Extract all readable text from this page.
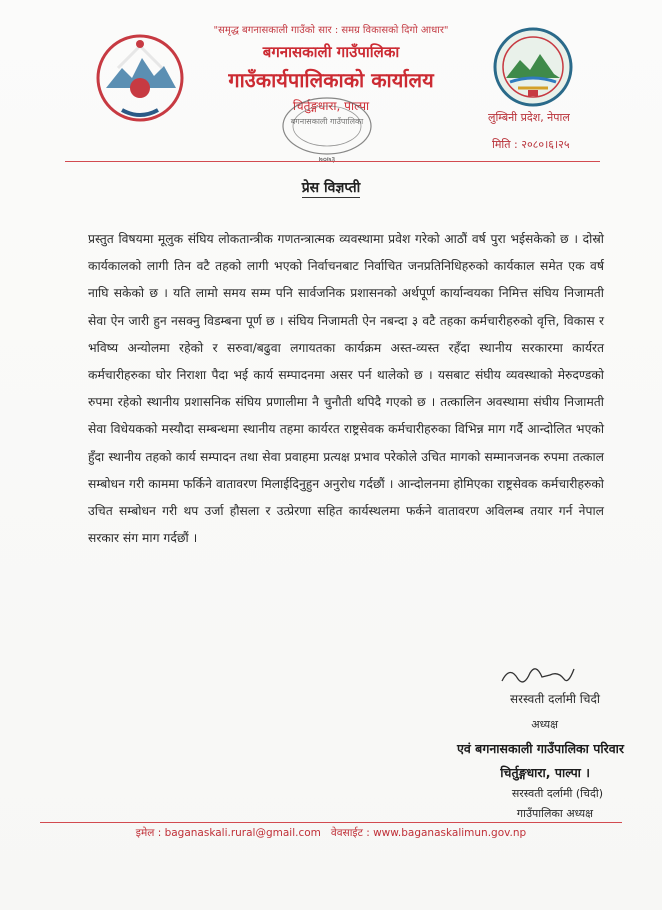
"समृद्ध बगनासकाली गाउँको सार : समग्र विकासको दिगो आधार"
बगनासकाली गाउँपालिका
गाउँकार्यपालिकाको कार्यालय
चिर्तुङ्गधारा, पाल्पा
लुम्बिनी प्रदेश, नेपाल
मिति : २०८०।६।२५
बगनासकाली गाउँपालिका
७०७३
प्रेस विज्ञप्ती
प्रस्तुत विषयमा मूलुक संघिय लोकतान्त्रीक गणतन्त्रात्मक व्यवस्थामा प्रवेश गरेको आठौं वर्ष पुरा भईसकेको छ । दोस्रो कार्यकालको लागी तिन वटै तहको लागी भएको निर्वाचनबाट निर्वाचित जनप्रतिनिधिहरुको कार्यकाल समेत एक वर्ष नाघि सकेको छ । यति लामो समय सम्म पनि सार्वजनिक प्रशासनको अर्थपूर्ण कार्यान्वयका निमित्त संघिय निजामती सेवा ऐन जारी हुन नसक्नु विडम्बना पूर्ण छ । संघिय निजामती ऐन नबन्दा ३ वटै तहका कर्मचारीहरुको वृत्ति, विकास र भविष्य अन्योलमा रहेको र सरुवा/बढुवा लगायतका कार्यक्रम अस्त-व्यस्त रहँदा स्थानीय सरकारमा कार्यरत कर्मचारीहरुका घोर निराशा पैदा भई कार्य सम्पादनमा असर पर्न थालेको छ । यसबाट संघीय व्यवस्थाको मेरुदण्डको रुपमा रहेको स्थानीय प्रशासनिक संघिय प्रणालीमा नै चुनौती थपिदै गएको छ । तत्कालिन अवस्थामा संघीय निजामती सेवा विधेयकको मस्यौदा सम्बन्धमा स्थानीय तहमा कार्यरत राष्ट्रसेवक कर्मचारीहरुका विभिन्न माग गर्दै आन्दोलित भएको हुँदा स्थानीय तहको कार्य सम्पादन तथा सेवा प्रवाहमा प्रत्यक्ष प्रभाव परेकोले उचित मागको सम्मानजनक रुपमा तत्काल सम्बोधन गरी काममा फर्किने वातावरण मिलाईदिनुहुन अनुरोध गर्दछौं । आन्दोलनमा होमिएका राष्ट्रसेवक कर्मचारीहरुको उचित सम्बोधन गरी थप उर्जा हौसला र उत्प्रेरणा सहित कार्यस्थलमा फर्कने वातावरण अविलम्ब तयार गर्न नेपाल सरकार संग माग गर्दछौं ।
सरस्वती दर्लामी चिदी
अध्यक्ष
एवं बगनासकाली गाउँपालिका परिवार
चिर्तुङ्गधारा, पाल्पा ।
सरस्वती दर्लामी (चिदी)
गाउँपालिका अध्यक्ष
इमेल : baganaskali.rural@gmail.com वेवसाईट : www.baganaskalimun.gov.np
